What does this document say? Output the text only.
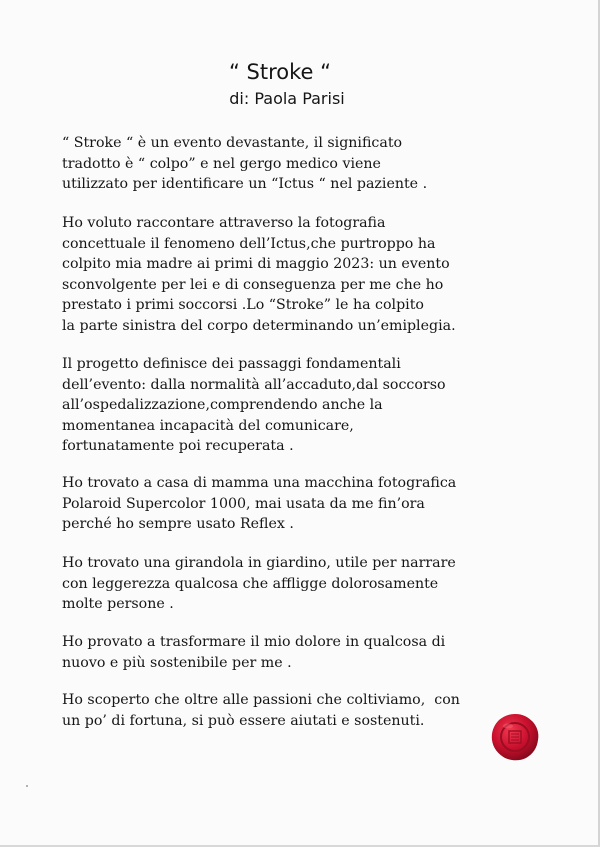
“ Stroke “
di: Paola Parisi

“ Stroke “ è un evento devastante, il significato
tradotto è “ colpo” e nel gergo medico viene
utilizzato per identificare un “Ictus “ nel paziente .

Ho voluto raccontare attraverso la fotografia
concettuale il fenomeno dell’Ictus,che purtroppo ha
colpito mia madre ai primi di maggio 2023: un evento
sconvolgente per lei e di conseguenza per me che ho
prestato i primi soccorsi .Lo “Stroke” le ha colpito
la parte sinistra del corpo determinando un’emiplegia.

Il progetto definisce dei passaggi fondamentali
dell’evento: dalla normalità all’accaduto,dal soccorso
all’ospedalizzazione,comprendendo anche la
momentanea incapacità del comunicare,
fortunatamente poi recuperata .

Ho trovato a casa di mamma una macchina fotografica
Polaroid Supercolor 1000, mai usata da me fin’ora
perché ho sempre usato Reflex .

Ho trovato una girandola in giardino, utile per narrare
con leggerezza qualcosa che affligge dolorosamente
molte persone .

Ho provato a trasformare il mio dolore in qualcosa di
nuovo e più sostenibile per me .

Ho scoperto che oltre alle passioni che coltiviamo,  con
un po’ di fortuna, si può essere aiutati e sostenuti.
